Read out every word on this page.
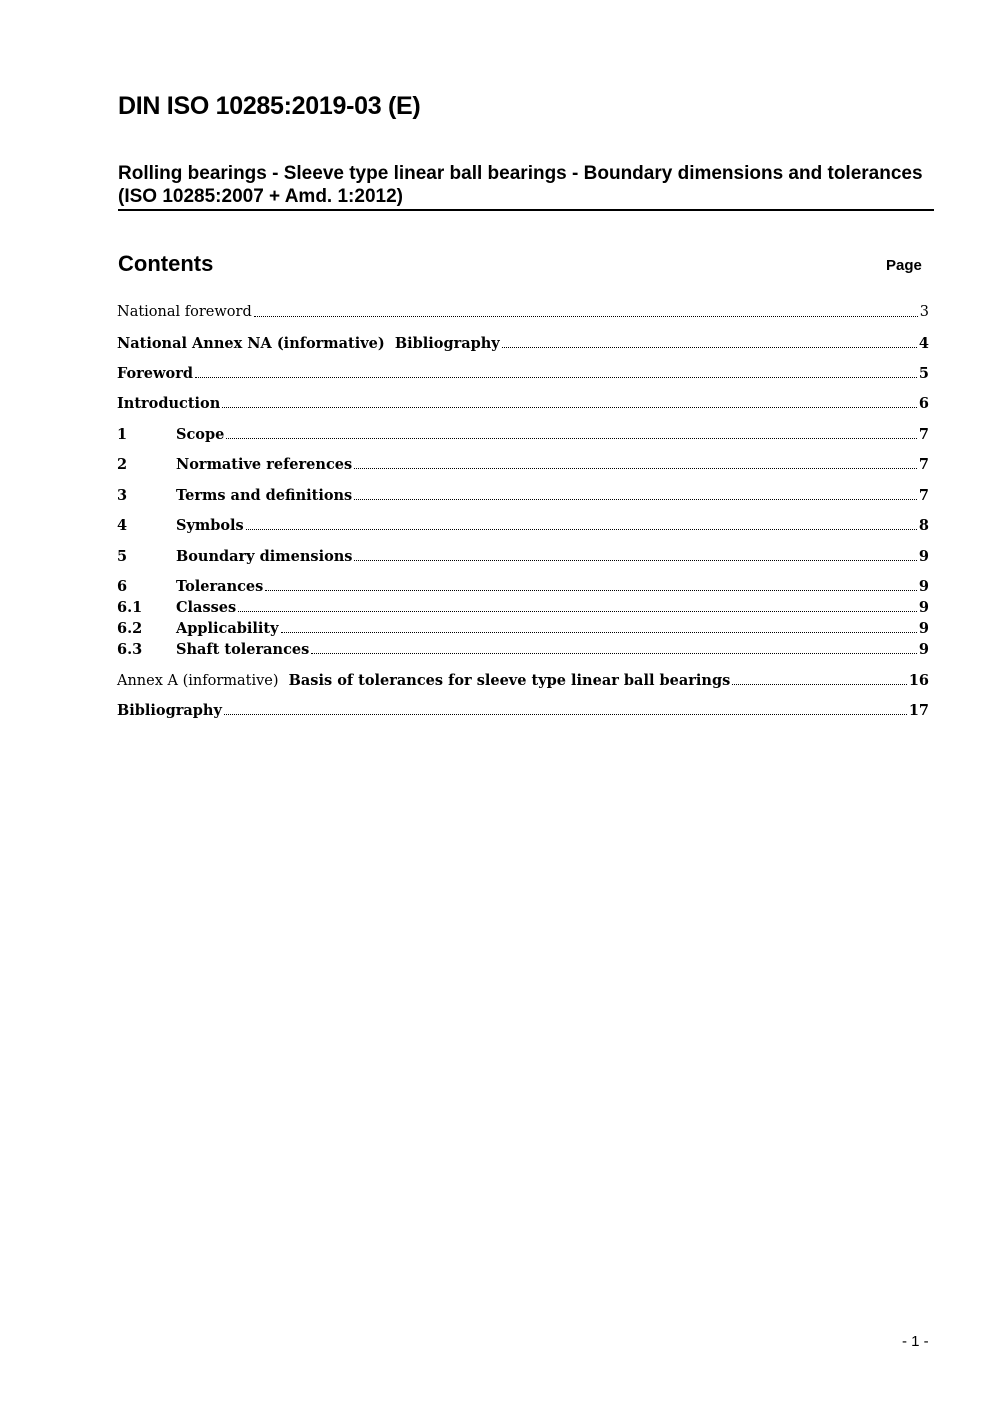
DIN ISO 10285:2019-03 (E)
Rolling bearings - Sleeve type linear ball bearings - Boundary dimensions and tolerances (ISO 10285:2007 + Amd. 1:2012)
Contents	Page
National foreword	3
National Annex NA (informative) Bibliography	4
Foreword	5
Introduction	6
1	Scope	7
2	Normative references	7
3	Terms and definitions	7
4	Symbols	8
5	Boundary dimensions	9
6	Tolerances	9
6.1	Classes	9
6.2	Applicability	9
6.3	Shaft tolerances	9
Annex A (informative) Basis of tolerances for sleeve type linear ball bearings	16
Bibliography	17
- 1 -
